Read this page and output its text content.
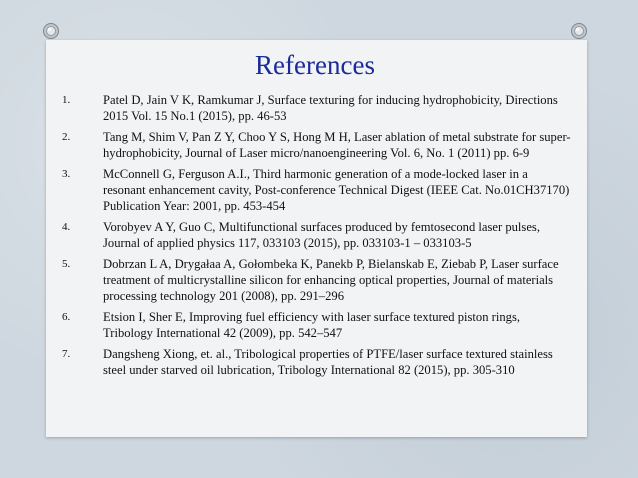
References
1.	Patel D, Jain V K, Ramkumar J, Surface texturing for inducing hydrophobicity, Directions 2015 Vol. 15 No.1 (2015), pp. 46-53
2.	Tang M, Shim V, Pan Z Y, Choo Y S, Hong M H, Laser ablation of metal substrate for super-hydrophobicity, Journal of Laser micro/nanoengineering Vol. 6, No. 1 (2011) pp. 6-9
3.	McConnell G, Ferguson A.I., Third harmonic generation of a mode-locked laser in a resonant enhancement cavity, Post-conference Technical Digest (IEEE Cat. No.01CH37170) Publication Year: 2001, pp. 453-454
4.	Vorobyev A Y, Guo C, Multifunctional surfaces produced by femtosecond laser pulses, Journal of applied physics 117, 033103 (2015), pp. 033103-1 – 033103-5
5.	Dobrzan L A, Drygałaa A, Gołombeka K, Panekb P, Bielanskab E, Ziebab P, Laser surface treatment of multicrystalline silicon for enhancing optical properties, Journal of materials processing technology 201 (2008), pp. 291–296
6.	Etsion I, Sher E, Improving fuel efficiency with laser surface textured piston rings, Tribology International 42 (2009), pp. 542–547
7.	Dangsheng Xiong, et. al., Tribological properties of PTFE/laser surface textured stainless steel under starved oil lubrication, Tribology International 82 (2015), pp. 305-310
